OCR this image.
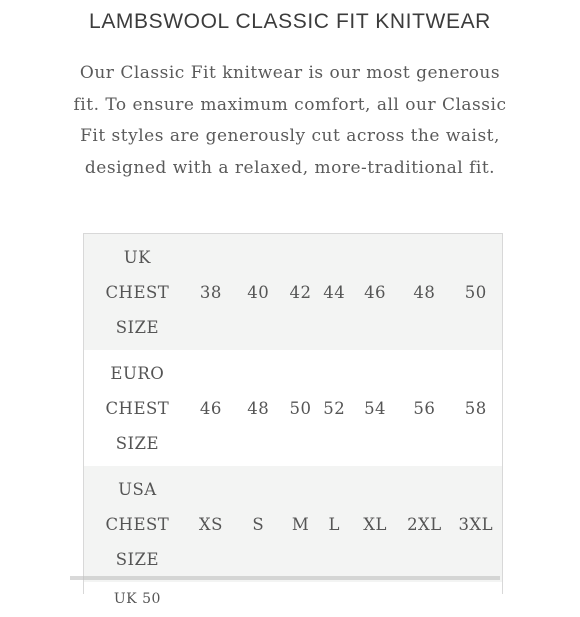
LAMBSWOOL CLASSIC FIT KNITWEAR

Our Classic Fit knitwear is our most generous fit. To ensure maximum comfort, all our Classic Fit styles are generously cut across the waist, designed with a relaxed, more-traditional fit.

UK
CHEST
SIZE	38	40	42	44	46	48	50

EURO
CHEST
SIZE	46	48	50	52	54	56	58

USA
CHEST
SIZE	XS	S	M	L	XL	2XL	3XL
UK 50							
